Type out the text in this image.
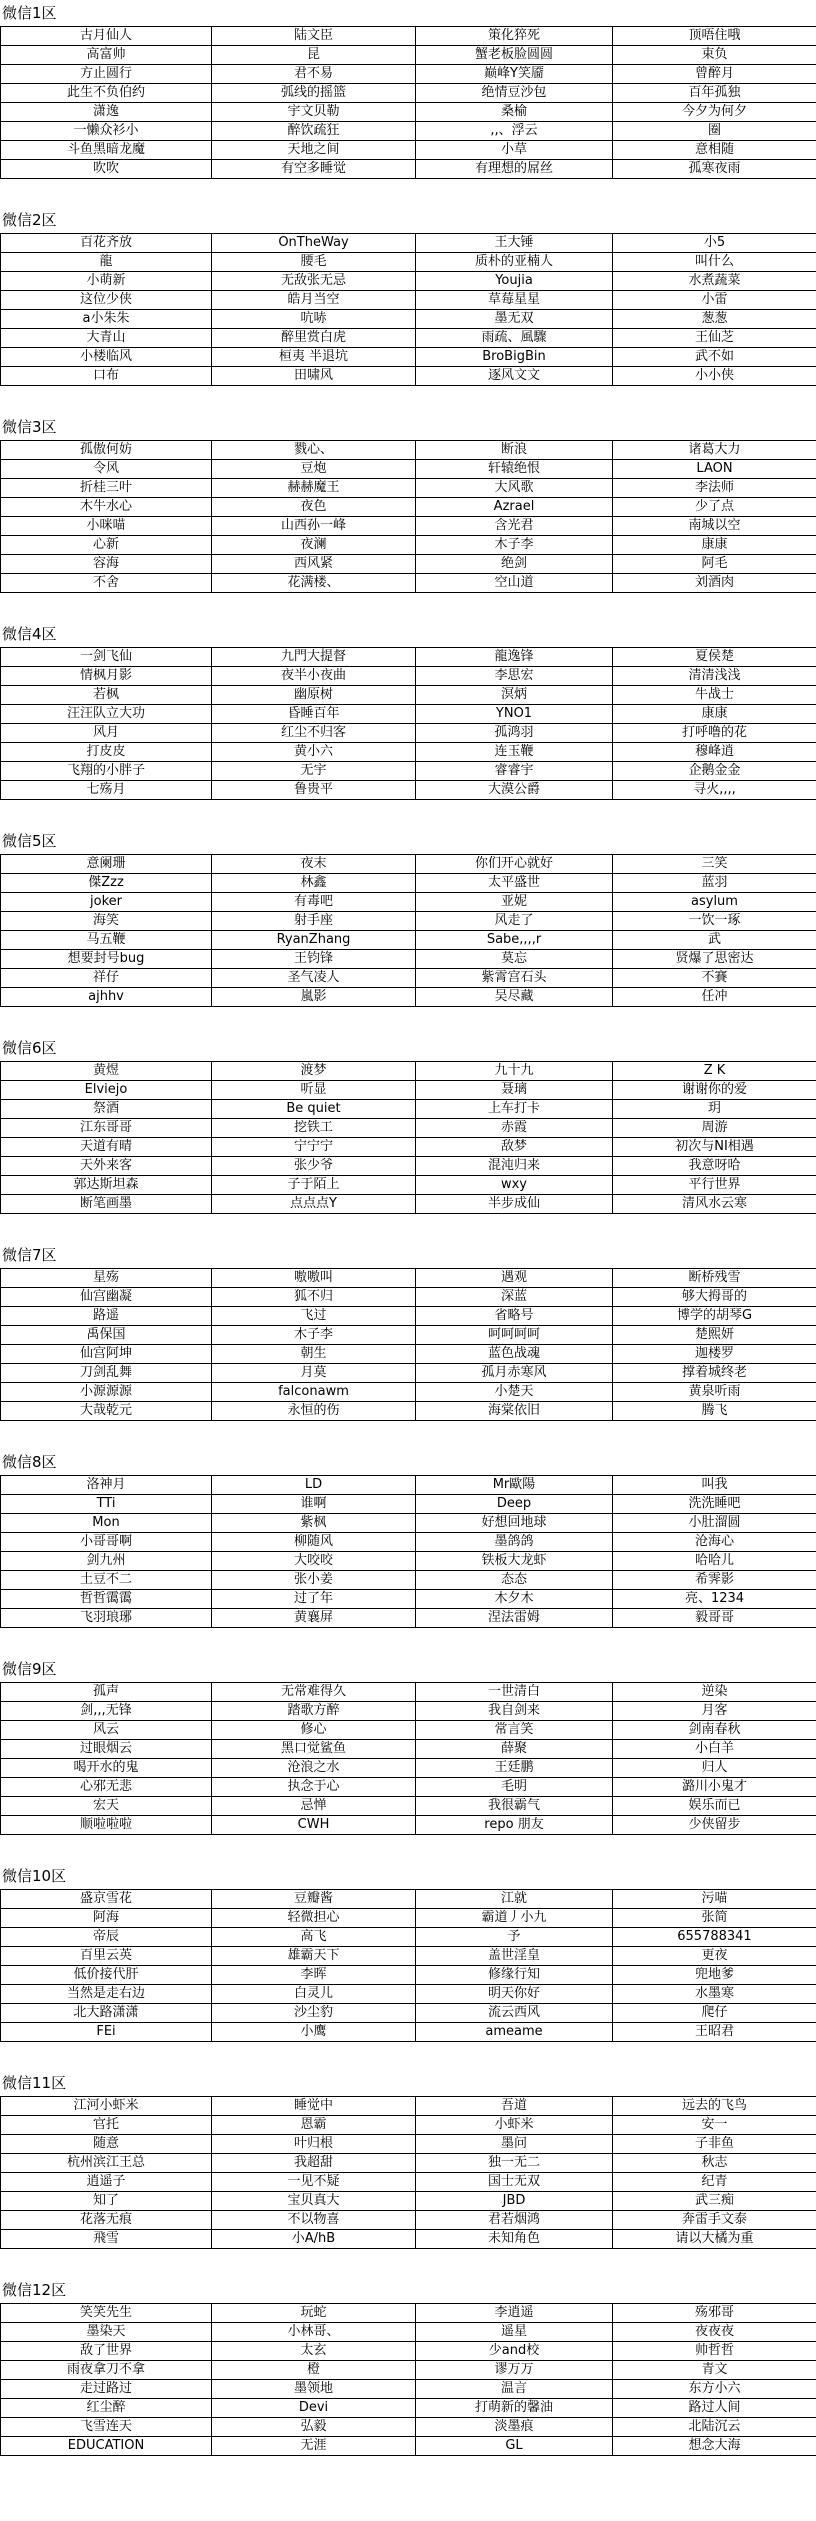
微信1区
古月仙人	陆文臣	策化猝死	顶唔住哦
高富帅	昆	蟹老板脸圆圆	束负
方止圆行	君不易	巅峰Y笑靥	曾醉月
此生不负伯约	弧线的摇篮	绝情豆沙包	百年孤独
潇逸	宇文贝勒	桑榆	今夕为何夕
一懒众衫小	醉饮疏狂	,,、浮云	圈
斗鱼黑暗龙魔	天地之间	小草	意相随
吹吹	有空多睡觉	有理想的屌丝	孤寒夜雨
微信2区
百花齐放	OnTheWay	王大锤	小5
龍	腰毛	质朴的亚楠人	叫什么
小萌新	无敌张无忌	Youjia	水煮蔬菜
这位少侠	皓月当空	草莓星星	小雷
a小朱朱	吭哧	墨无双	葱葱
大青山	醉里赏白虎	雨疏、風驟	王仙芝
小楼临风	桓夷 半退坑	BroBigBin	武不如
口布	田啸风	逐风文文	小小侠
微信3区
孤傲何妨	戮心、	断浪	诸葛大力
令风	豆炮	轩辕绝恨	LAON
折桂三叶	赫赫魔王	大风歌	李法师
木牛水心	夜色	Azrael	少了点
小咪喵	山西孙一峰	含光君	南城以空
心新	夜澜	木子李	康康
容海	西风紧	绝剑	阿毛
不舍	花满楼、	空山道	刘酒肉
微信4区
一剑飞仙	九門大提督	龍逸锋	夏侯楚
情枫月影	夜半小夜曲	李思宏	清清浅浅
若枫	幽原树	溟炳	牛战士
汪汪队立大功	昏睡百年	YNO1	康康
风月	红尘不归客	孤鸿羽	打呼噜的花
打皮皮	黄小六	连玉鞭	穆峰逍
飞翔的小胖子	无宇	睿睿宇	企鹅金金
七殇月	鲁贵平	大漠公爵	寻火,,,,
微信5区
意阑珊	夜末	你们开心就好	三笑
傑Zzz	林鑫	太平盛世	蓝羽
joker	有毒吧	亚妮	asylum
海笑	射手座	风走了	一饮一琢
马五鞭	RyanZhang	Sabe,,,,r	武
想要封号bug	王钧锋	莫忘	贤爆了思密达
祥仔	圣气凌人	紫霄宫石头	不賽
ajhhv	嵐影	吴尽藏	任冲
微信6区
黄煜	渡梦	九十九	Z K
Elviejo	听显	聂璃	谢谢你的爱
祭酒	Be quiet	上车打卡	玥
江东哥哥	挖铁工	赤霞	周游
天道有晴	宁宁宁	敌梦	初次与NI相遇
天外来客	张少爷	混沌归来	我意呀哈
郭达斯坦森	子于陌上	wxy	平行世界
断笔画墨	点点点Y	半步成仙	清风水云寒
微信7区
星殇	嗷嗷叫	遇观	断桥残雪
仙宫幽凝	狐不归	深蓝	够大拇哥的
路遥	飞过	省略号	博学的胡琴G
禹保国	木子李	呵呵呵呵	楚熙妍
仙宫阿坤	朝生	蓝色战魂	迦楼罗
刀剑乱舞	月莫	孤月赤寒风	撑着城终老
小源源源	falconawm	小楚天	黄泉听雨
大哉乾元	永恒的伤	海棠依旧	腾飞
微信8区
洛神月	LD	Mr歐陽	叫我
TTi	谁啊	Deep	洗洗睡吧
Mon	紫枫	好想回地球	小肚溜圆
小哥哥啊	柳随风	墨鸽鸽	沧海心
剑九州	大咬咬	铁板大龙虾	哈哈儿
土豆不二	张小姜	态态	希霁影
哲哲霭霭	过了年	木夕木	亮、1234
飞羽琅琊	黄襄屏	涅法雷姆	毅哥哥
微信9区
孤声	无常难得久	一世清白	逆染
剑,,,无锋	踏歌方醉	我自剑来	月客
风云	修心	常言笑	剑南春秋
过眼烟云	黑口觉鲨鱼	薛聚	小白羊
喝开水的鬼	沧浪之水	王廷鹏	归人
心邪无悲	执念于心	毛明	潞川小鬼才
宏天	忌惮	我很霸气	娱乐而已
顺啦啦啦	CWH	repo 朋友	少侠留步
微信10区
盛京雪花	豆瓣酱	江就	污喵
阿海	轻微担心	霸道丿小九	张简
帝辰	高飞	予	655788341
百里云英	雄霸天下	盖世淫皇	更夜
低价接代肝	李晖	修缘行知	兜地爹
当然是走右边	白灵儿	明天你好	水墨寒
北大路潇潇	沙尘豹	流云西风	爬仔
FEi	小鹰	ameame	王昭君
微信11区
江河小虾米	睡觉中	吾道	远去的飞鸟
官托	恩霸	小虾米	安一
随意	叶归根	墨问	子非鱼
杭州滨江王总	我超甜	独一无二	秋志
逍遥子	一见不疑	国士无双	纪青
知了	宝贝真大	JBD	武三痴
花落无痕	不以物喜	君若烟鸿	奔雷手文泰
飛雪	小A/hB	未知角色	请以大橘为重
微信12区
笑笑先生	玩蛇	李逍遥	殇邪哥
墨染天	小林哥、	遥星	夜夜夜
敌了世界	太玄	少and校	帅哲哲
雨夜拿刀不拿	橙	谬万万	青文
走过路过	墨领地	温言	东方小六
红尘醉	Devi	打萌新的馨油	路过人间
飞雪连天	弘毅	淡墨痕	北陆沉云
EDUCATION	无涯	GL	想念大海
